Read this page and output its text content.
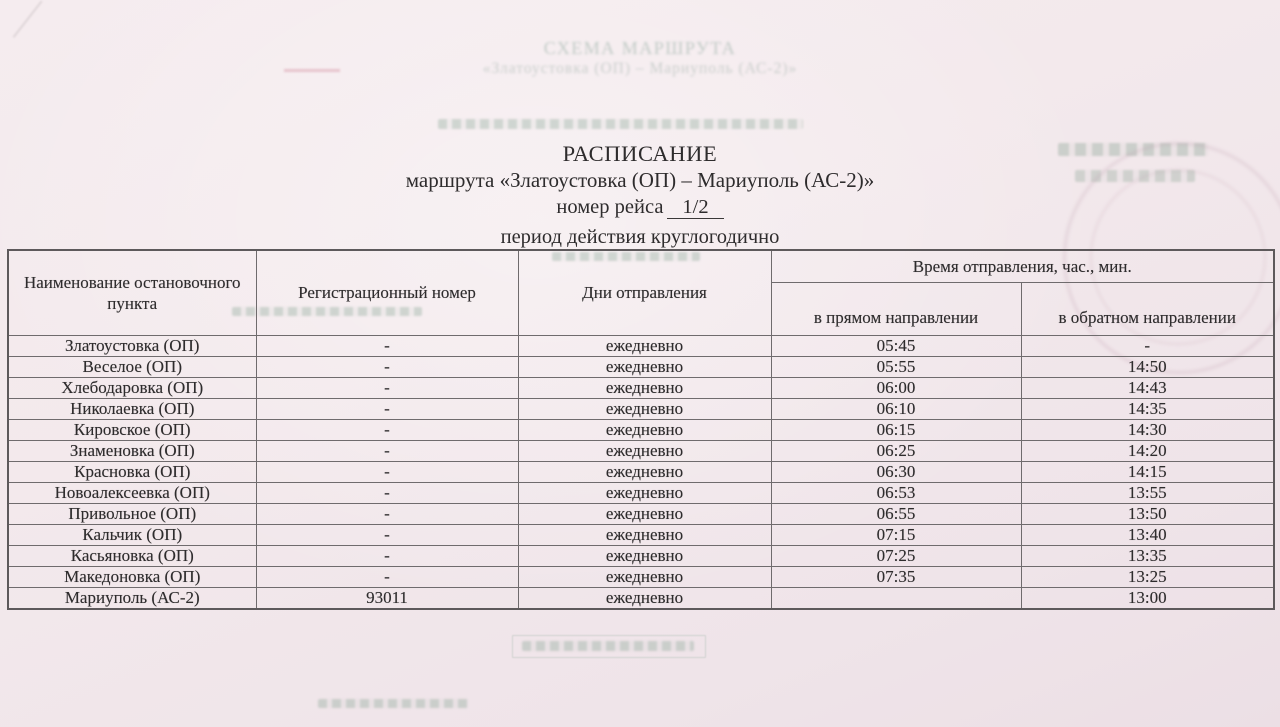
СХЕМА МАРШРУТА
«Златоустовка (ОП) – Мариуполь (АС-2)»
РАСПИСАНИЕ
маршрута «Златоустовка (ОП) – Мариуполь (АС-2)»
номер рейса 1/2
период действия круглогодично
Наименование остановочного пункта	Регистрационный номер	Дни отправления	Время отправления, час., мин.	
			в прямом направлении	в обратном направлении
Златоустовка (ОП)	-	ежедневно	05:45	-
Веселое (ОП)	-	ежедневно	05:55	14:50
Хлебодаровка (ОП)	-	ежедневно	06:00	14:43
Николаевка (ОП)	-	ежедневно	06:10	14:35
Кировское (ОП)	-	ежедневно	06:15	14:30
Знаменовка (ОП)	-	ежедневно	06:25	14:20
Красновка (ОП)	-	ежедневно	06:30	14:15
Новоалексеевка (ОП)	-	ежедневно	06:53	13:55
Привольное (ОП)	-	ежедневно	06:55	13:50
Кальчик (ОП)	-	ежедневно	07:15	13:40
Касьяновка (ОП)	-	ежедневно	07:25	13:35
Македоновка (ОП)	-	ежедневно	07:35	13:25
Мариуполь (АС-2)	93011	ежедневно		13:00
